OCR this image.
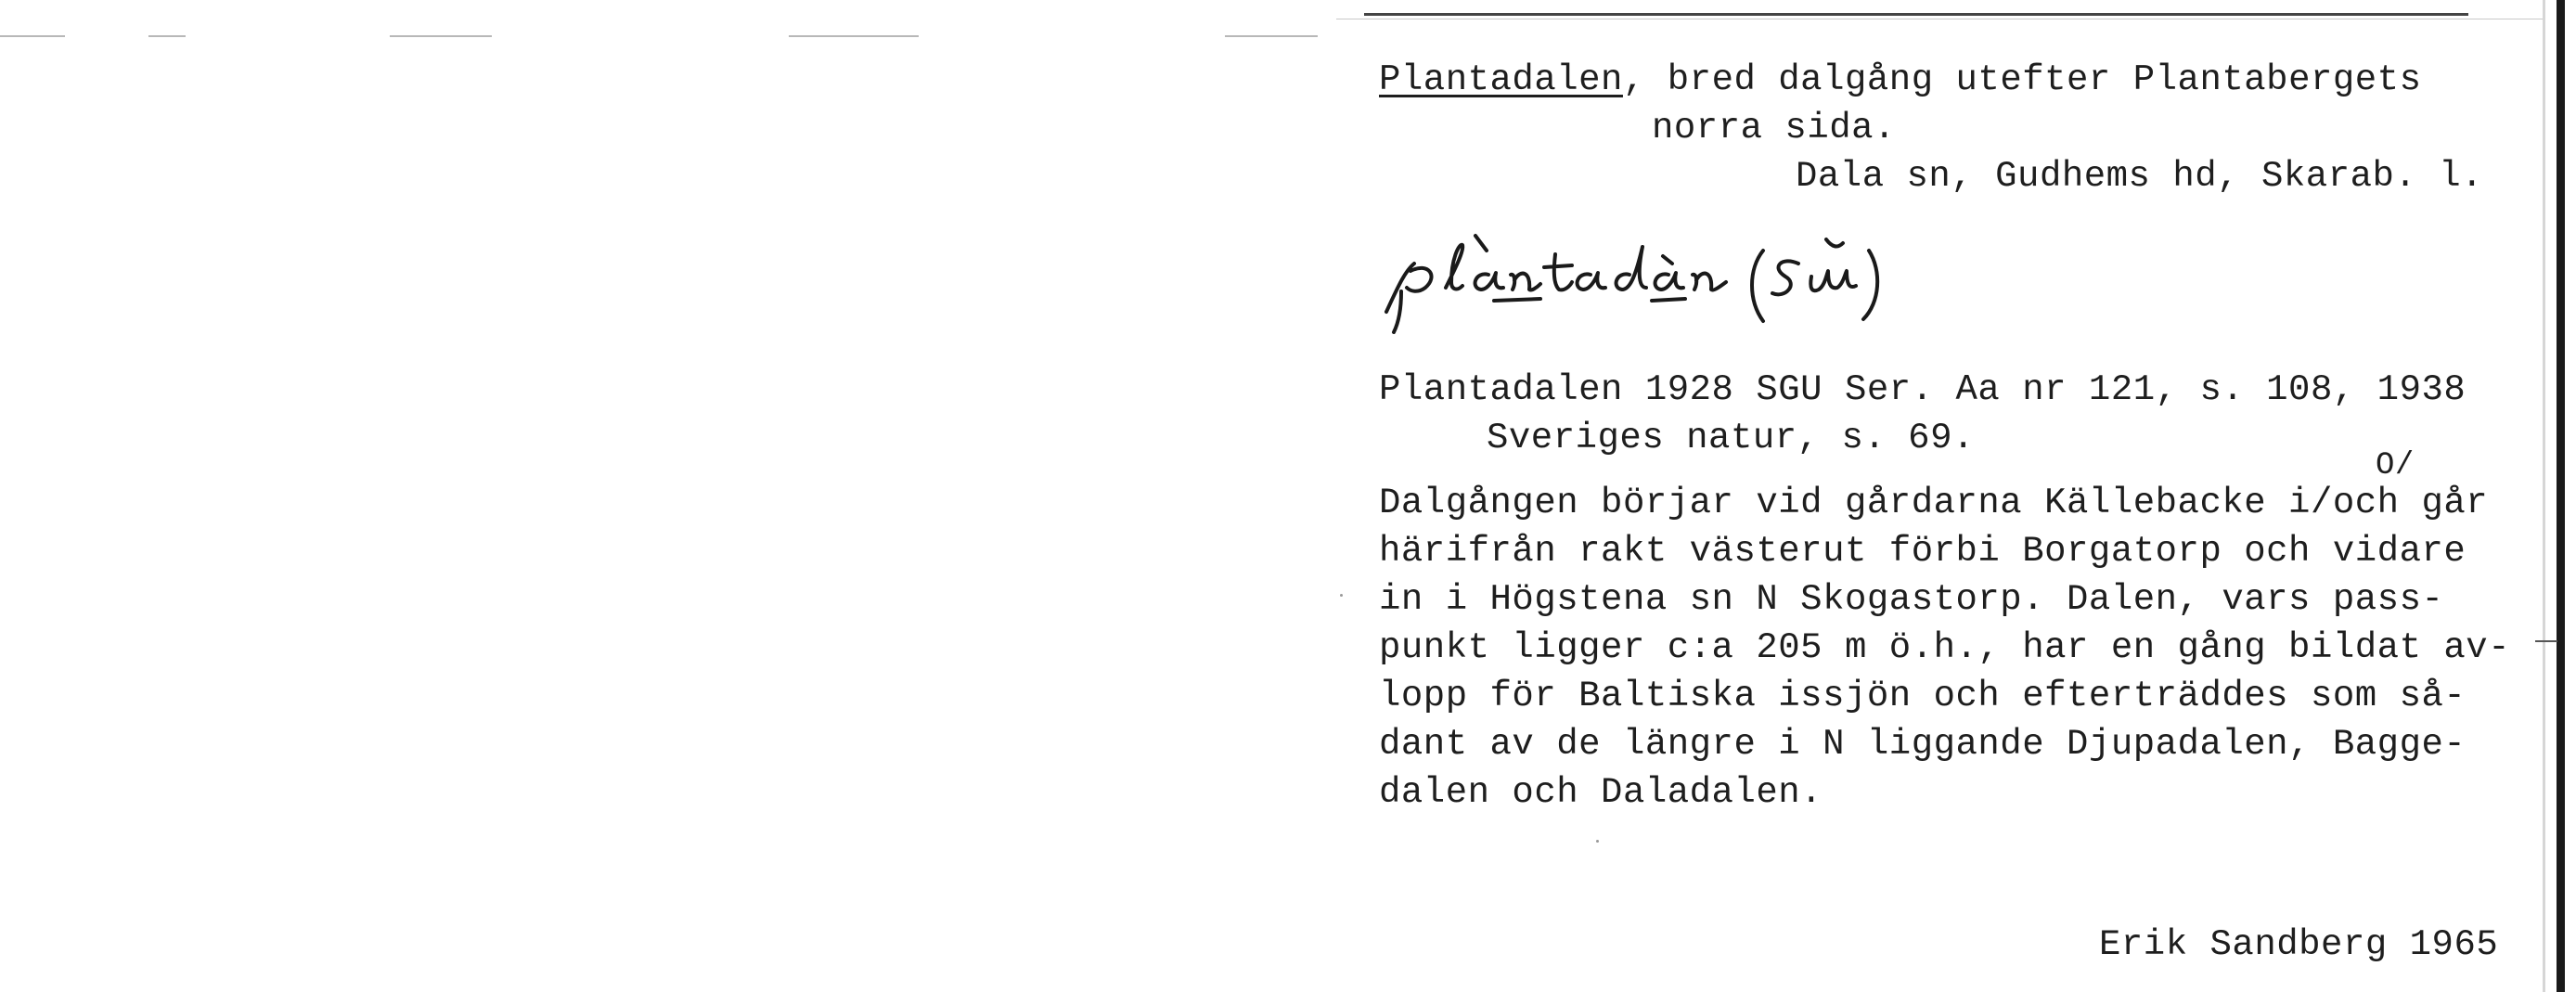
Plantadalen, bred dalgång utefter Plantabergets
norra sida.
Dala sn, Gudhems hd, Skarab. l.
Plantadalen 1928 SGU Ser. Aa nr 121, s. 108, 1938
Sveriges natur, s. 69.
O/
Dalgången börjar vid gårdarna Källebacke i/och går
härifrån rakt västerut förbi Borgatorp och vidare
in i Högstena sn N Skogastorp. Dalen, vars pass-
punkt ligger c:a 205 m ö.h., har en gång bildat av-
lopp för Baltiska issjön och efterträddes som så-
dant av de längre i N liggande Djupadalen, Bagge-
dalen och Daladalen.
Erik Sandberg 1965
